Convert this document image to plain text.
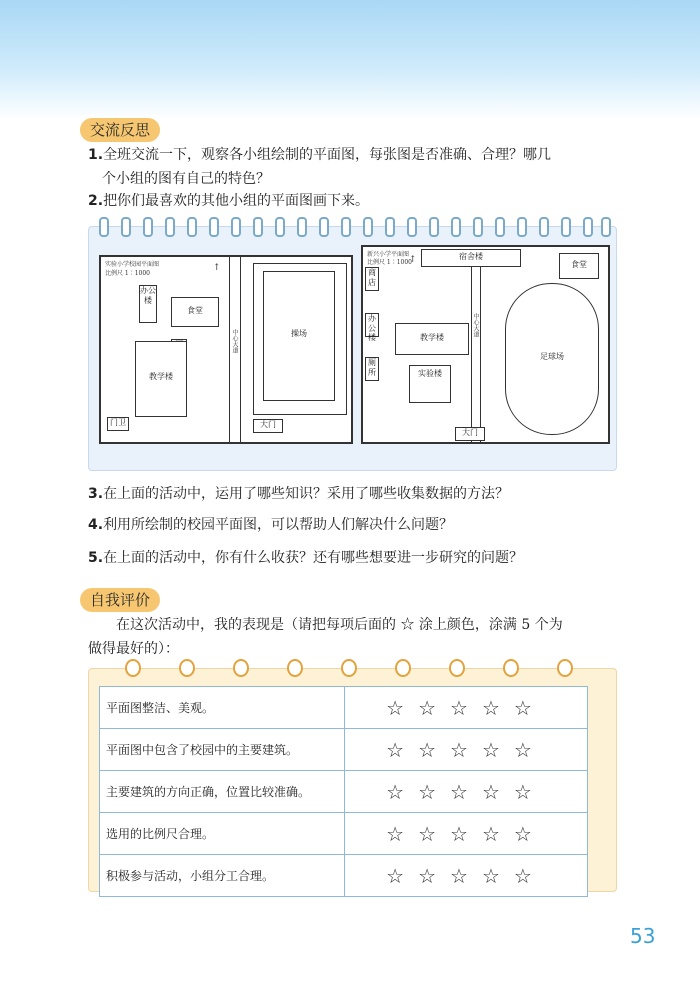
交流反思
1.全班交流一下，观察各小组绘制的平面图，每张图是否准确、合理？哪几
个小组的图有自己的特色？
2.把你们最喜欢的其他小组的平面图画下来。
实验小学校园平面图
比例尺 1∶1000
↑
办公楼
食堂
教学楼
门卫
中心大道	操场
大门
新兴小学平面图
比例尺 1∶1000
↑	宿舍楼
商店
办公楼
厕所
教学楼
实验楼
中心大道
足球场
食堂
大门
3.在上面的活动中，运用了哪些知识？采用了哪些收集数据的方法？
4.利用所绘制的校园平面图，可以帮助人们解决什么问题？
5.在上面的活动中，你有什么收获？还有哪些想要进一步研究的问题？
自我评价
在这次活动中，我的表现是（请把每项后面的 ☆ 涂上颜色，涂满 5 个为
做得最好的）：
平面图整洁、美观。	☆☆☆☆☆
平面图中包含了校园中的主要建筑。	☆☆☆☆☆
主要建筑的方向正确，位置比较准确。	☆☆☆☆☆
选用的比例尺合理。	☆☆☆☆☆
积极参与活动，小组分工合理。	☆☆☆☆☆
53
